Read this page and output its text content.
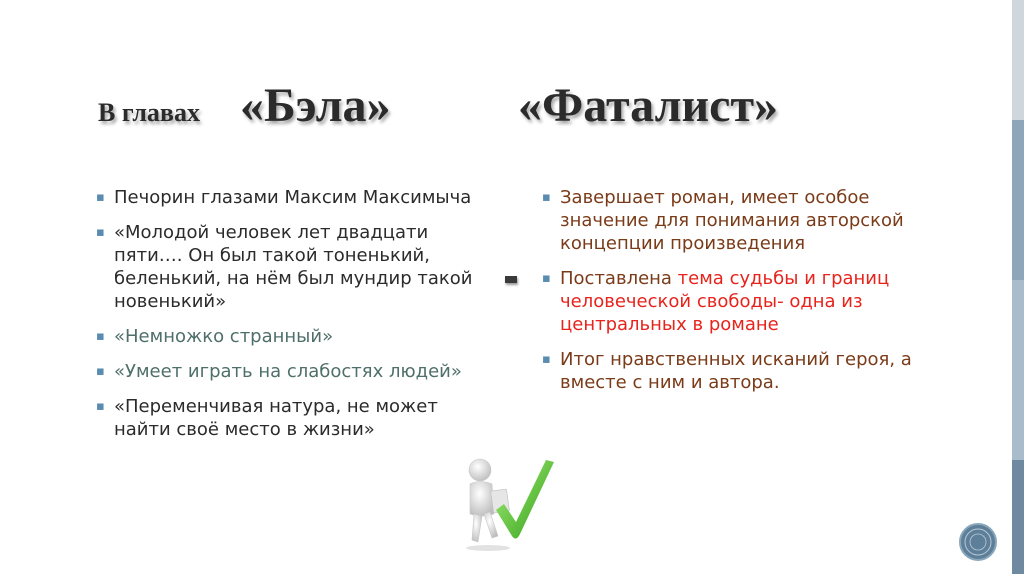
В главах «Бэла»	«Фаталист»
▪ Печорин глазами Максим Максимыча
▪ «Молодой человек лет двадцати пяти…. Он был такой тоненький, беленький, на нём был мундир такой новенький»
▪ «Немножко странный»
▪ «Умеет играть на слабостях людей»
▪ «Переменчивая натура, не может найти своё место в жизни»
▪ Завершает роман, имеет особое значение для понимания авторской концепции произведения
▪ Поставлена тема судьбы и границ человеческой свободы- одна из центральных в романе
▪ Итог нравственных исканий героя, а вместе с ним и автора.
